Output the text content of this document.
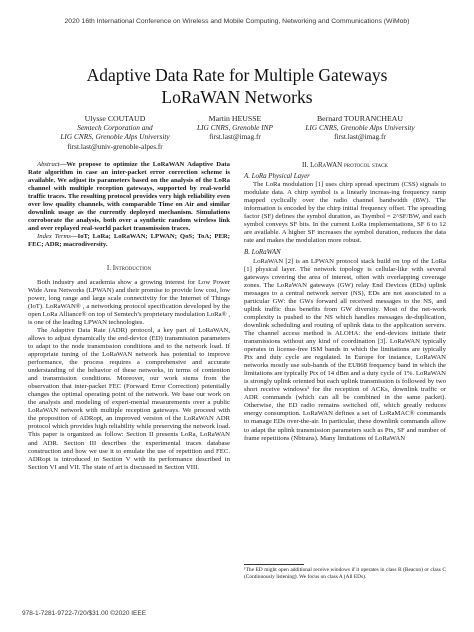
2020 16th International Conference on Wireless and Mobile Computing, Networking and Communications (WiMob)
Adaptive Data Rate for Multiple Gateways
LoRaWAN Networks
Ulysse COUTAUD
Semtech Corporation and
LIG CNRS, Grenoble Alps University
first.last@univ-grenoble-alpes.fr
Martin HEUSSE
LIG CNRS, Grenoble INP
first.last@imag.fr
Bernard TOURANCHEAU
LIG CNRS, Grenoble Alps University
first.last@imag.fr

Abstract—We propose to optimize the LoRaWAN Adaptive Data Rate algorithm in case an inter-packet error correction scheme is available. We adjust its parameters based on the analysis of the LoRa channel with multiple reception gateways, supported by real-world traffic traces. The resulting protocol provides very high reliability even over low quality channels, with comparable Time on Air and similar downlink usage as the currently deployed mechanism. Simulations corroborate the analysis, both over a synthetic random wireless link and over replayed real-world packet transmission traces.

Index Terms—IoT; LoRa; LoRaWAN; LPWAN; QoS; ToA; PER; FEC; ADR; macrodiversity.

I. Introduction

Both industry and academia show a growing interest for Low Power Wide Area Networks (LPWAN) and their promise to provide low cost, low power, long range and large scale connectivity for the Internet of Things (IoT). LoRaWAN® , a networking protocol specification developed by the open LoRa Alliance® on top of Semtech’s proprietary modulation LoRa® , is one of the leading LPWAN technologies.

The Adaptive Data Rate (ADR) protocol, a key part of LoRaWAN, allows to adjust dynamically the end-device (ED) transmission parameters to adapt to the node transmission conditions and to the network load. If appropriate tuning of the LoRaWAN network has potential to improve performance, the process requires a comprehensive and accurate understanding of the behavior of these networks, in terms of contention and transmission conditions. Moreover, our work stems from the observation that inter-packet FEC (Forward Error Correction) potentially changes the optimal operating point of the network. We base our work on the analysis and modeling of experi-mental measurements over a public LoRaWAN network with multiple reception gateways. We proceed with the proposition of ADRopt, an improved version of the LoRaWAN ADR protocol which provides high reliability while preserving the network load. This paper is organized as follow: Section II presents LoRa, LoRaWAN and ADR. Section III describes the experimental traces database construction and how we use it to emulate the use of repetition and FEC. ADRopt is introduced in Section V with its performance described in Section VI and VII. The state of art is discussed in Section VIII.

II. LoRaWAN protocol stack

A. LoRa Physical Layer

The LoRa modulation [1] uses chirp spread spectrum (CSS) signals to modulate data. A chirp symbol is a linearly increas-ing frequency ramp mapped cyclically over the radio channel bandwidth (BW). The information is encoded by the chirp initial frequency offset. The spreading factor (SF) defines the symbol duration, as Tsymbol = 2^SF/BW, and each symbol conveys SF bits. In the current LoRa implementations, SF 6 to 12 are available. A higher SF increases the symbol duration, reduces the data rate and makes the modulation more robust.

B. LoRaWAN

LoRaWAN [2] is an LPWAN protocol stack build on top of the LoRa [1] physical layer. The network topology is cellular-like with several gateways covering the area of interest, often with overlapping coverage zones. The LoRaWAN gateways (GW) relay End Devices (EDs) uplink messages to a central network server (NS), EDs are not associated to a particular GW: the GWs forward all received messages to the NS, and uplink traffic thus benefits from GW diversity. Most of the net-work complexity is pushed to the NS which handles messages de-duplication, downlink scheduling and routing of uplink data to the application servers. The channel access method is ALOHA: the end-devices initiate their transmissions without any kind of coordination [3]. LoRaWAN typically operates in license-free ISM bands in which the limitations are typically Ptx and duty cycle are regulated. In Europe for instance, LoRaWAN networks mostly use sub-bands of the EU868 frequency band in which the limitations are typically Ptx of 14 dBm and a duty cycle of 1%. LoRaWAN is strongly uplink oriented but each uplink transmission is followed by two short receive windows¹ for the reception of ACKs, downlink traffic or ADR commands (which can all be combined in the same packet). Otherwise, the ED radio remains switched off, which greatly reduces energy consumption. LoRaWAN defines a set of LoRaMAC® commands to manage EDs over-the-air. In particular, these downlink commands allow to adapt the uplink transmission parameters such as Ptx, SF and number of frame repetitions (Nbtrans). Many limitations of LoRaWAN

¹The ED might open additional receive windows if it operates in class B (Beacon) or class C (Continuously listening). We focus on class A (All EDs).
978-1-7281-9722-7/20/$31.00 ©2020 IEEE
